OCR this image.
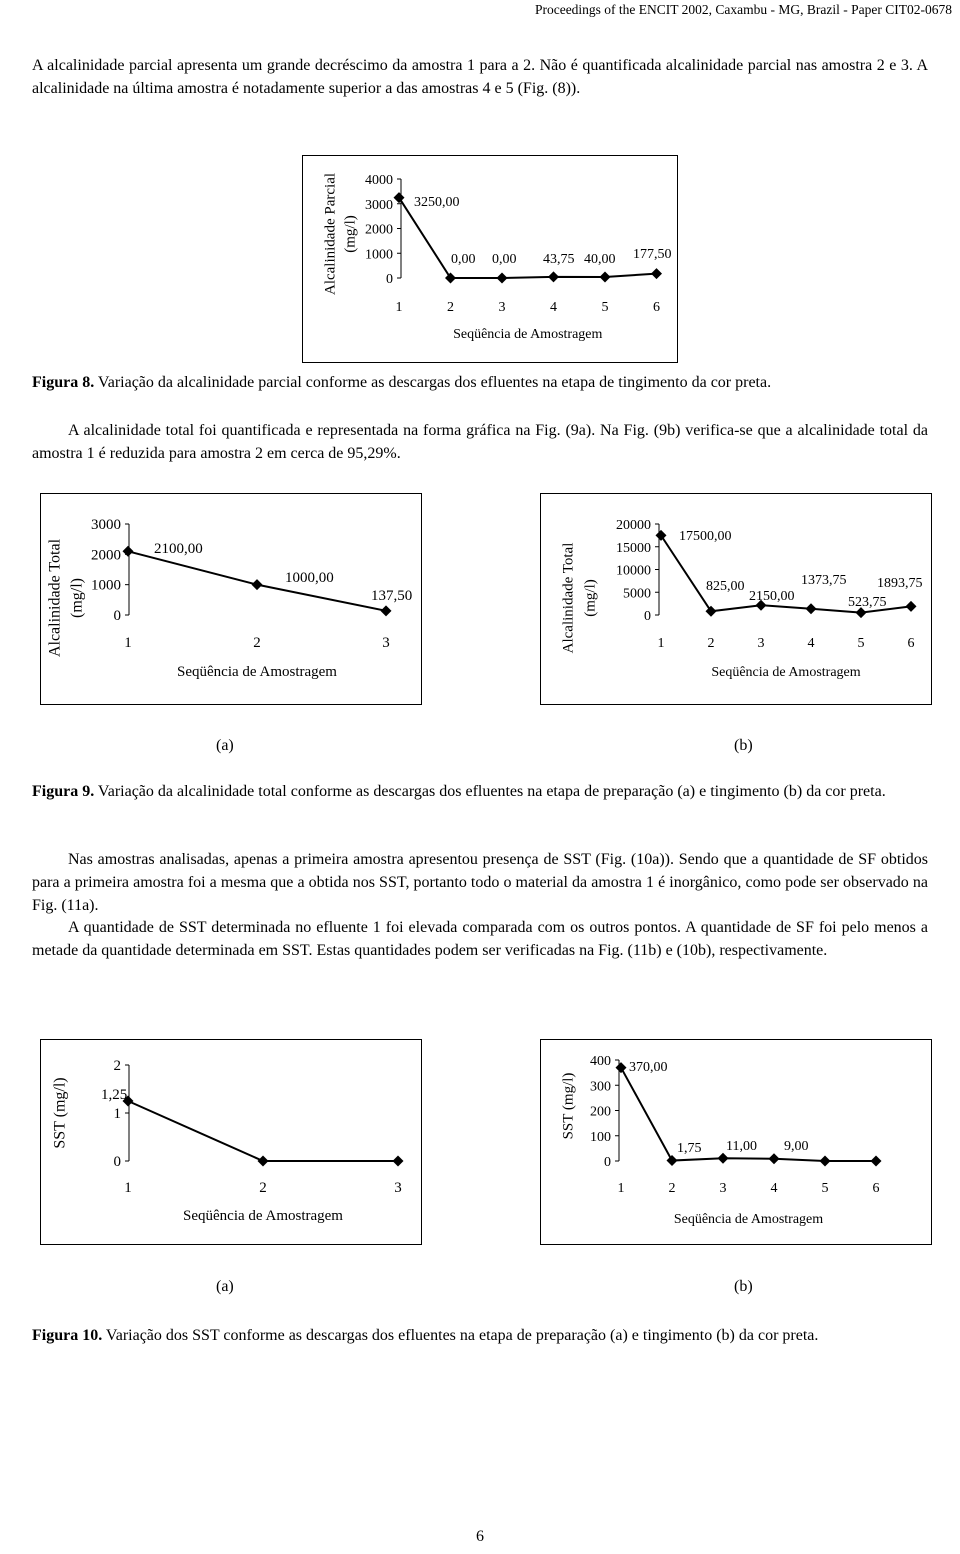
Proceedings of the ENCIT 2002, Caxambu - MG, Brazil - Paper CIT02-0678
A alcalinidade parcial apresenta um grande decréscimo da amostra 1 para a 2. Não é quantificada alcalinidade parcial nas amostra 2 e 3. A alcalinidade na última amostra é notadamente superior a das amostras 4 e 5 (Fig. (8)).
0
1000
2000
3000
4000
1	2	3	4	5	6
Seqüência de Amostragem
Alcalinidade Parcial (mg/l)
3250,00
0,00 0,00 43,75 40,00 177,50
Figura 8. Variação da alcalinidade parcial conforme as descargas dos efluentes na etapa de tingimento da cor preta.
A alcalinidade total foi quantificada e representada na forma gráfica na Fig. (9a). Na Fig. (9b) verifica-se que a alcalinidade total da amostra 1 é reduzida para amostra 2 em cerca de 95,29%.
0
1000
2000
3000
1	2	3
Seqüência de Amostragem
Alcalinidade Total (mg/l)
2100,00
1000,00
137,50
0
5000
10000
15000
20000
1	2	3	4	5	6
Seqüência de Amostragem
Alcalinidade Total (mg/l)
17500,00
825,00
2150,00
1373,75
523,75
1893,75
(a)	(b)
Figura 9. Variação da alcalinidade total conforme as descargas dos efluentes na etapa de preparação (a) e tingimento (b) da cor preta.
Nas amostras analisadas, apenas a primeira amostra apresentou presença de SST (Fig. (10a)). Sendo que a quantidade de SF obtidos para a primeira amostra foi a mesma que a obtida nos SST, portanto todo o material da amostra 1 é inorgânico, como pode ser observado na Fig. (11a).
A quantidade de SST determinada no efluente 1 foi elevada comparada com os outros pontos. A quantidade de SF foi pelo menos a metade da quantidade determinada em SST. Estas quantidades podem ser verificadas na Fig. (11b) e (10b), respectivamente.
0
1
2
1	2	3
Seqüência de Amostragem
SST (mg/l) 1,25
0
100
200
300
400
1	2	3	4	5	6
Seqüência de Amostragem
SST (mg/l)
370,00
1,75 11,00 9,00
(a)	(b)
Figura 10. Variação dos SST conforme as descargas dos efluentes na etapa de preparação (a) e tingimento (b) da cor preta.
6
